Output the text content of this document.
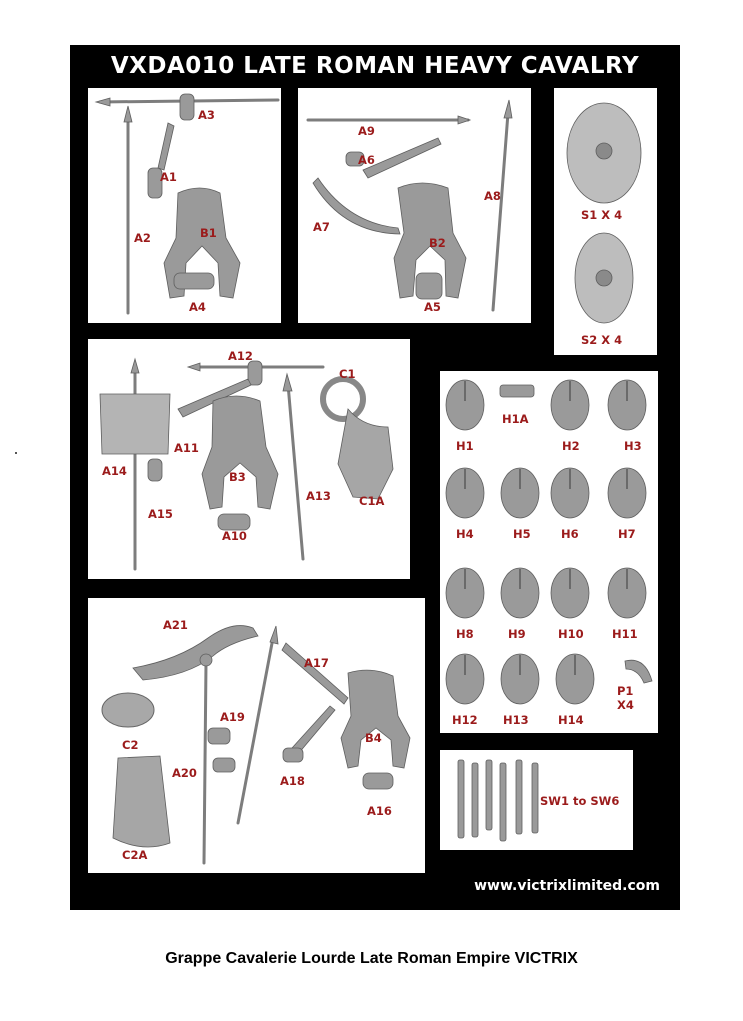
VXDA010 LATE ROMAN HEAVY CAVALRY
A3
A1
A2	B1
A4
A9
A6
A8
A7
B2
A5
S1 X 4
S2 X 4
A12
C1
A11
A14	B3
A13 C1A
A15
A10
H1
H1A
H2	H3
H4	H5	H6	H7
H8	H9	H10 H11
H12 H13	H14
P1
X4
A21
A17
A19
B4
C2
A20
A18
A16
C2A
SW1 to SW6
www.victrixlimited.com
Grappe Cavalerie Lourde Late Roman Empire VICTRIX
